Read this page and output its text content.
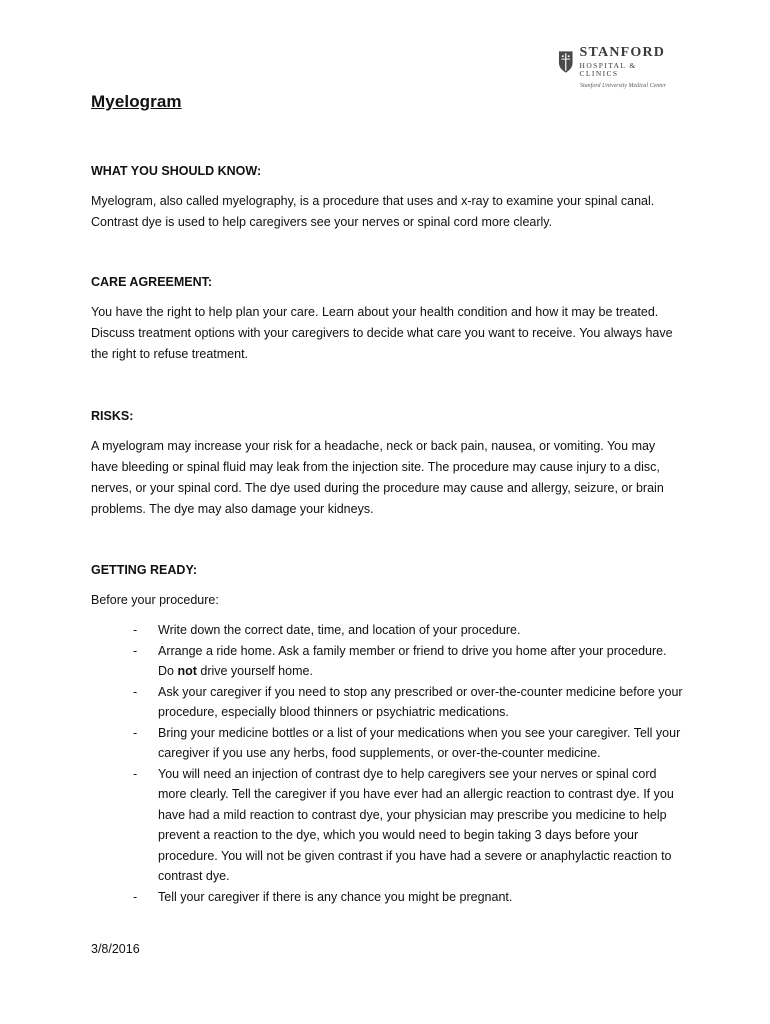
STANFORD
HOSPITAL & CLINICS
Stanford University Medical Center
Myelogram

WHAT YOU SHOULD KNOW:

Myelogram, also called myelography, is a procedure that uses and x-ray to examine your spinal canal. Contrast dye is used to help caregivers see your nerves or spinal cord more clearly.

CARE AGREEMENT:

You have the right to help plan your care. Learn about your health condition and how it may be treated. Discuss treatment options with your caregivers to decide what care you want to receive. You always have the right to refuse treatment.

RISKS:

A myelogram may increase your risk for a headache, neck or back pain, nausea, or vomiting. You may have bleeding or spinal fluid may leak from the injection site. The procedure may cause injury to a disc, nerves, or your spinal cord. The dye used during the procedure may cause and allergy, seizure, or brain problems. The dye may also damage your kidneys.

GETTING READY:

Before your procedure:

- Write down the correct date, time, and location of your procedure.
- Arrange a ride home. Ask a family member or friend to drive you home after your procedure. Do not drive yourself home.
- Ask your caregiver if you need to stop any prescribed or over-the-counter medicine before your procedure, especially blood thinners or psychiatric medications.
- Bring your medicine bottles or a list of your medications when you see your caregiver. Tell your caregiver if you use any herbs, food supplements, or over-the-counter medicine.
- You will need an injection of contrast dye to help caregivers see your nerves or spinal cord more clearly. Tell the caregiver if you have ever had an allergic reaction to contrast dye. If you have had a mild reaction to contrast dye, your physician may prescribe you medicine to help prevent a reaction to the dye, which you would need to begin taking 3 days before your procedure. You will not be given contrast if you have had a severe or anaphylactic reaction to contrast dye.
- Tell your caregiver if there is any chance you might be pregnant.
3/8/2016
